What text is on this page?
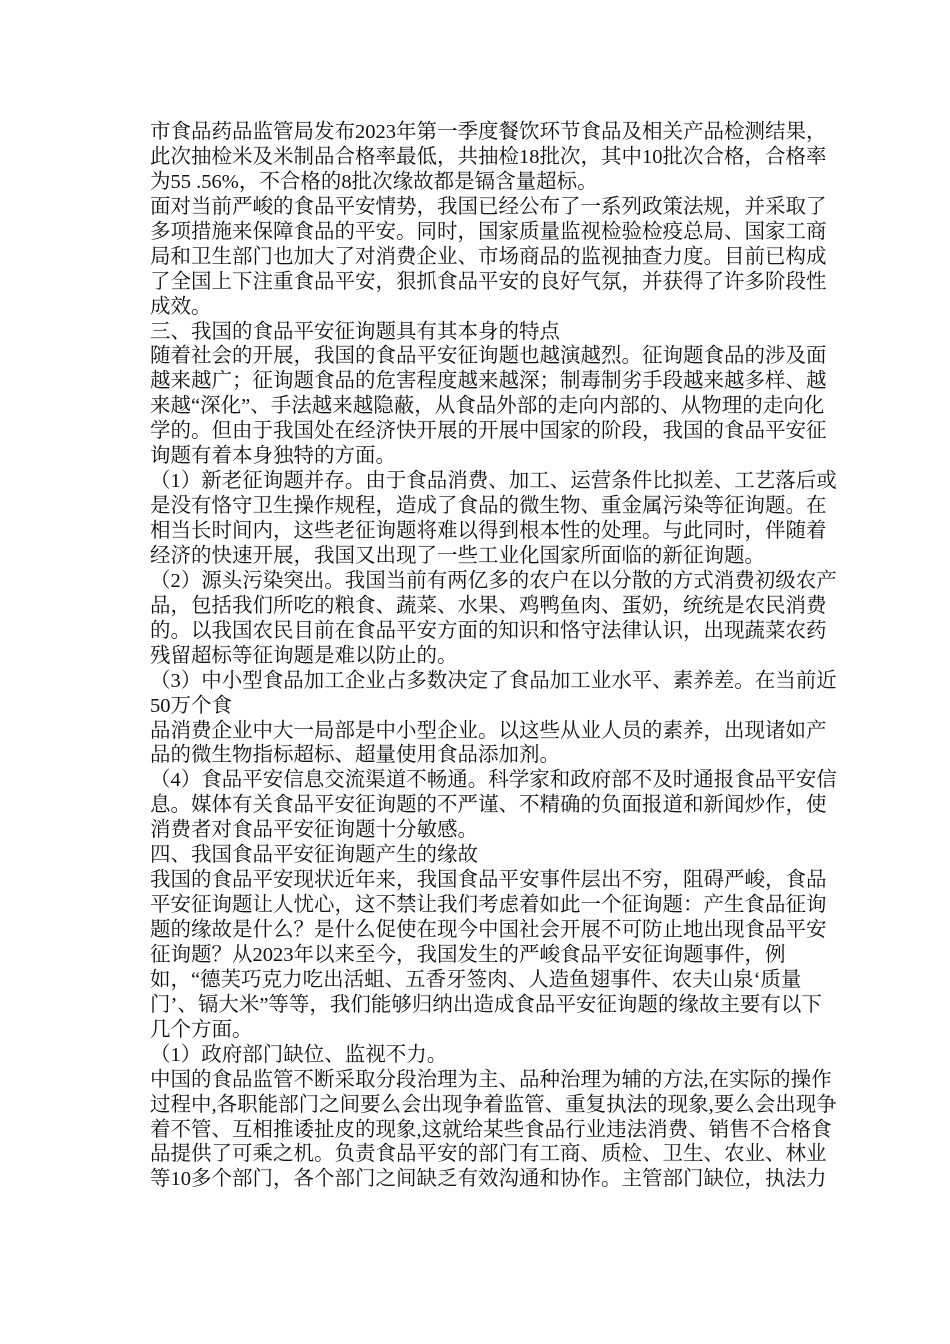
市食品药品监管局发布2023年第一季度餐饮环节食品及相关产品检测结果，
此次抽检米及米制品合格率最低，共抽检18批次，其中10批次合格，合格率
为55 .56%，不合格的8批次缘故都是镉含量超标。
面对当前严峻的食品平安情势，我国已经公布了一系列政策法规，并采取了
多项措施来保障食品的平安。同时，国家质量监视检验检疫总局、国家工商
局和卫生部门也加大了对消费企业、市场商品的监视抽查力度。目前已构成
了全国上下注重食品平安，狠抓食品平安的良好气氛，并获得了许多阶段性
成效。
三、我国的食品平安征询题具有其本身的特点
随着社会的开展，我国的食品平安征询题也越演越烈。征询题食品的涉及面
越来越广；征询题食品的危害程度越来越深；制毒制劣手段越来越多样、越
来越“深化”、手法越来越隐蔽，从食品外部的走向内部的、从物理的走向化
学的。但由于我国处在经济快开展的开展中国家的阶段，我国的食品平安征
询题有着本身独特的方面。
（1）新老征询题并存。由于食品消费、加工、运营条件比拟差、工艺落后或
是没有恪守卫生操作规程，造成了食品的微生物、重金属污染等征询题。在
相当长时间内，这些老征询题将难以得到根本性的处理。与此同时，伴随着
经济的快速开展，我国又出现了一些工业化国家所面临的新征询题。
（2）源头污染突出。我国当前有两亿多的农户在以分散的方式消费初级农产
品，包括我们所吃的粮食、蔬菜、水果、鸡鸭鱼肉、蛋奶，统统是农民消费
的。以我国农民目前在食品平安方面的知识和恪守法律认识，出现蔬菜农药
残留超标等征询题是难以防止的。
（3）中小型食品加工企业占多数决定了食品加工业水平、素养差。在当前近
50万个食
品消费企业中大一局部是中小型企业。以这些从业人员的素养，出现诸如产
品的微生物指标超标、超量使用食品添加剂。
（4）食品平安信息交流渠道不畅通。科学家和政府部不及时通报食品平安信
息。媒体有关食品平安征询题的不严谨、不精确的负面报道和新闻炒作，使
消费者对食品平安征询题十分敏感。
四、我国食品平安征询题产生的缘故
我国的食品平安现状近年来，我国食品平安事件层出不穷，阻碍严峻，食品
平安征询题让人忧心，这不禁让我们考虑着如此一个征询题：产生食品征询
题的缘故是什么？是什么促使在现今中国社会开展不可防止地出现食品平安
征询题？从2023年以来至今，我国发生的严峻食品平安征询题事件，例
如，“德芙巧克力吃出活蛆、五香牙签肉、人造鱼翅事件、农夫山泉‘质量
门’、镉大米”等等，我们能够归纳出造成食品平安征询题的缘故主要有以下
几个方面。
（1）政府部门缺位、监视不力。
中国的食品监管不断采取分段治理为主、品种治理为辅的方法,在实际的操作
过程中,各职能部门之间要么会出现争着监管、重复执法的现象,要么会出现争
着不管、互相推诿扯皮的现象,这就给某些食品行业违法消费、销售不合格食
品提供了可乘之机。负责食品平安的部门有工商、质检、卫生、农业、林业
等10多个部门，各个部门之间缺乏有效沟通和协作。主管部门缺位，执法力
